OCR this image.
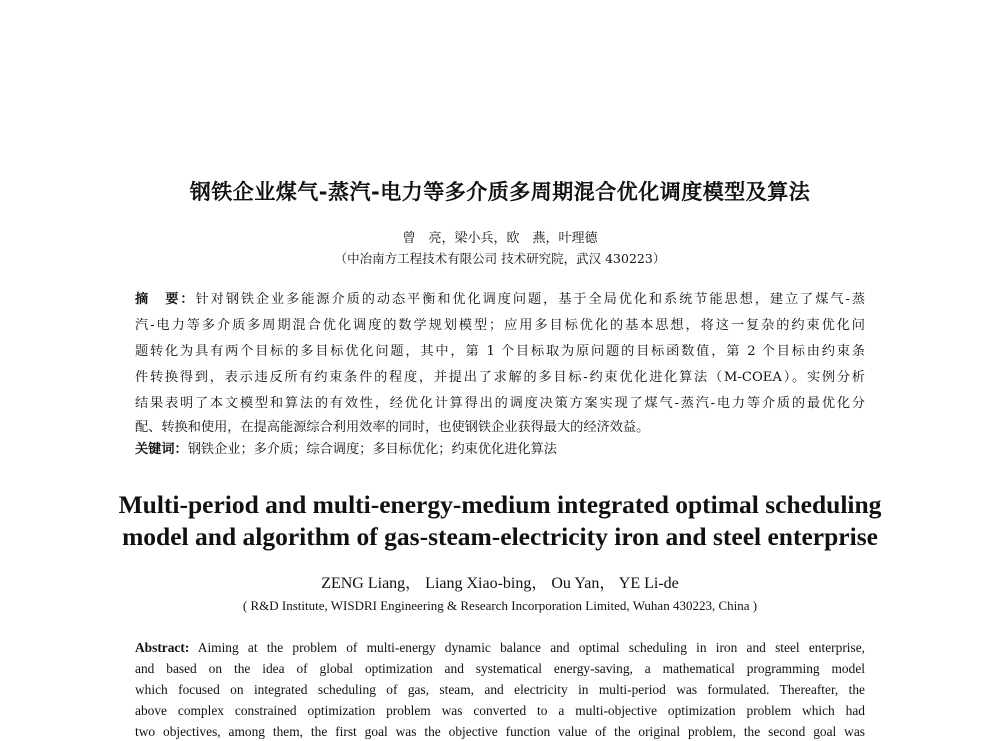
钢铁企业煤气-蒸汽-电力等多介质多周期混合优化调度模型及算法
曾　亮，梁小兵，欧　燕，叶理德
（中冶南方工程技术有限公司 技术研究院，武汉 430223）
摘　要：针对钢铁企业多能源介质的动态平衡和优化调度问题，基于全局优化和系统节能思想，建立了煤气-蒸
汽-电力等多介质多周期混合优化调度的数学规划模型；应用多目标优化的基本思想，将这一复杂的约束优化问
题转化为具有两个目标的多目标优化问题，其中，第 1 个目标取为原问题的目标函数值，第 2 个目标由约束条
件转换得到，表示违反所有约束条件的程度，并提出了求解的多目标-约束优化进化算法（M-COEA）。实例分析
结果表明了本文模型和算法的有效性，经优化计算得出的调度决策方案实现了煤气-蒸汽-电力等介质的最优化分
配、转换和使用，在提高能源综合利用效率的同时，也使钢铁企业获得最大的经济效益。
关键词：钢铁企业；多介质；综合调度；多目标优化；约束优化进化算法
Multi-period and multi-energy-medium integrated optimal scheduling
model and algorithm of gas-steam-electricity iron and steel enterprise
ZENG Liang， Liang Xiao-bing， Ou Yan， YE Li-de
( R&D Institute, WISDRI Engineering & Research Incorporation Limited, Wuhan 430223, China )
Abstract: Aiming at the problem of multi-energy dynamic balance and optimal scheduling in iron and steel enterprise,
and based on the idea of global optimization and systematical energy-saving, a mathematical programming model
which focused on integrated scheduling of gas, steam, and electricity in multi-period was formulated. Thereafter, the
above complex constrained optimization problem was converted to a multi-objective optimization problem which had
two objectives, among them, the first goal was the objective function value of the original problem, the second goal was
